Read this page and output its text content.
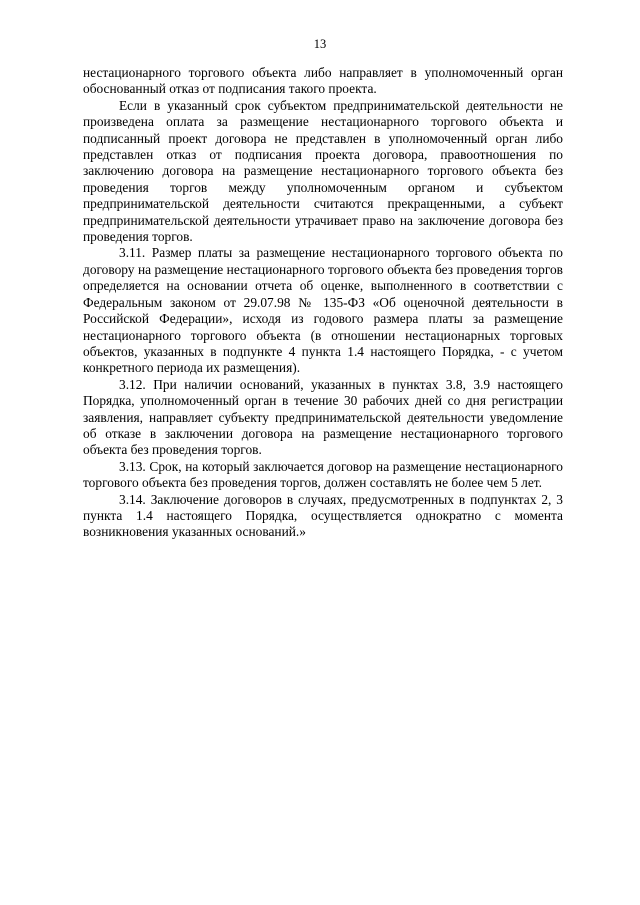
13

нестационарного торгового объекта либо направляет в уполномоченный орган обоснованный отказ от подписания такого проекта.

Если в указанный срок субъектом предпринимательской деятельности не произведена оплата за размещение нестационарного торгового объекта и подписанный проект договора не представлен в уполномоченный орган либо представлен отказ от подписания проекта договора, правоотношения по заключению договора на размещение нестационарного торгового объекта без проведения торгов между уполномоченным органом и субъектом предпринимательской деятельности считаются прекращенными, а субъект предпринимательской деятельности утрачивает право на заключение договора без проведения торгов.

3.11. Размер платы за размещение нестационарного торгового объекта по договору на размещение нестационарного торгового объекта без проведения торгов определяется на основании отчета об оценке, выполненного в соответствии с Федеральным законом от 29.07.98 № 135-ФЗ «Об оценочной деятельности в Российской Федерации», исходя из годового размера платы за размещение нестационарного торгового объекта (в отношении нестационарных торговых объектов, указанных в подпункте 4 пункта 1.4 настоящего Порядка, - с учетом конкретного периода их размещения).

3.12. При наличии оснований, указанных в пунктах 3.8, 3.9 настоящего Порядка, уполномоченный орган в течение 30 рабочих дней со дня регистрации заявления, направляет субъекту предпринимательской деятельности уведомление об отказе в заключении договора на размещение нестационарного торгового объекта без проведения торгов.

3.13. Срок, на который заключается договор на размещение нестационарного торгового объекта без проведения торгов, должен составлять не более чем 5 лет.

3.14. Заключение договоров в случаях, предусмотренных в подпунктах 2, 3 пункта 1.4 настоящего Порядка, осуществляется однократно с момента возникновения указанных оснований.»
